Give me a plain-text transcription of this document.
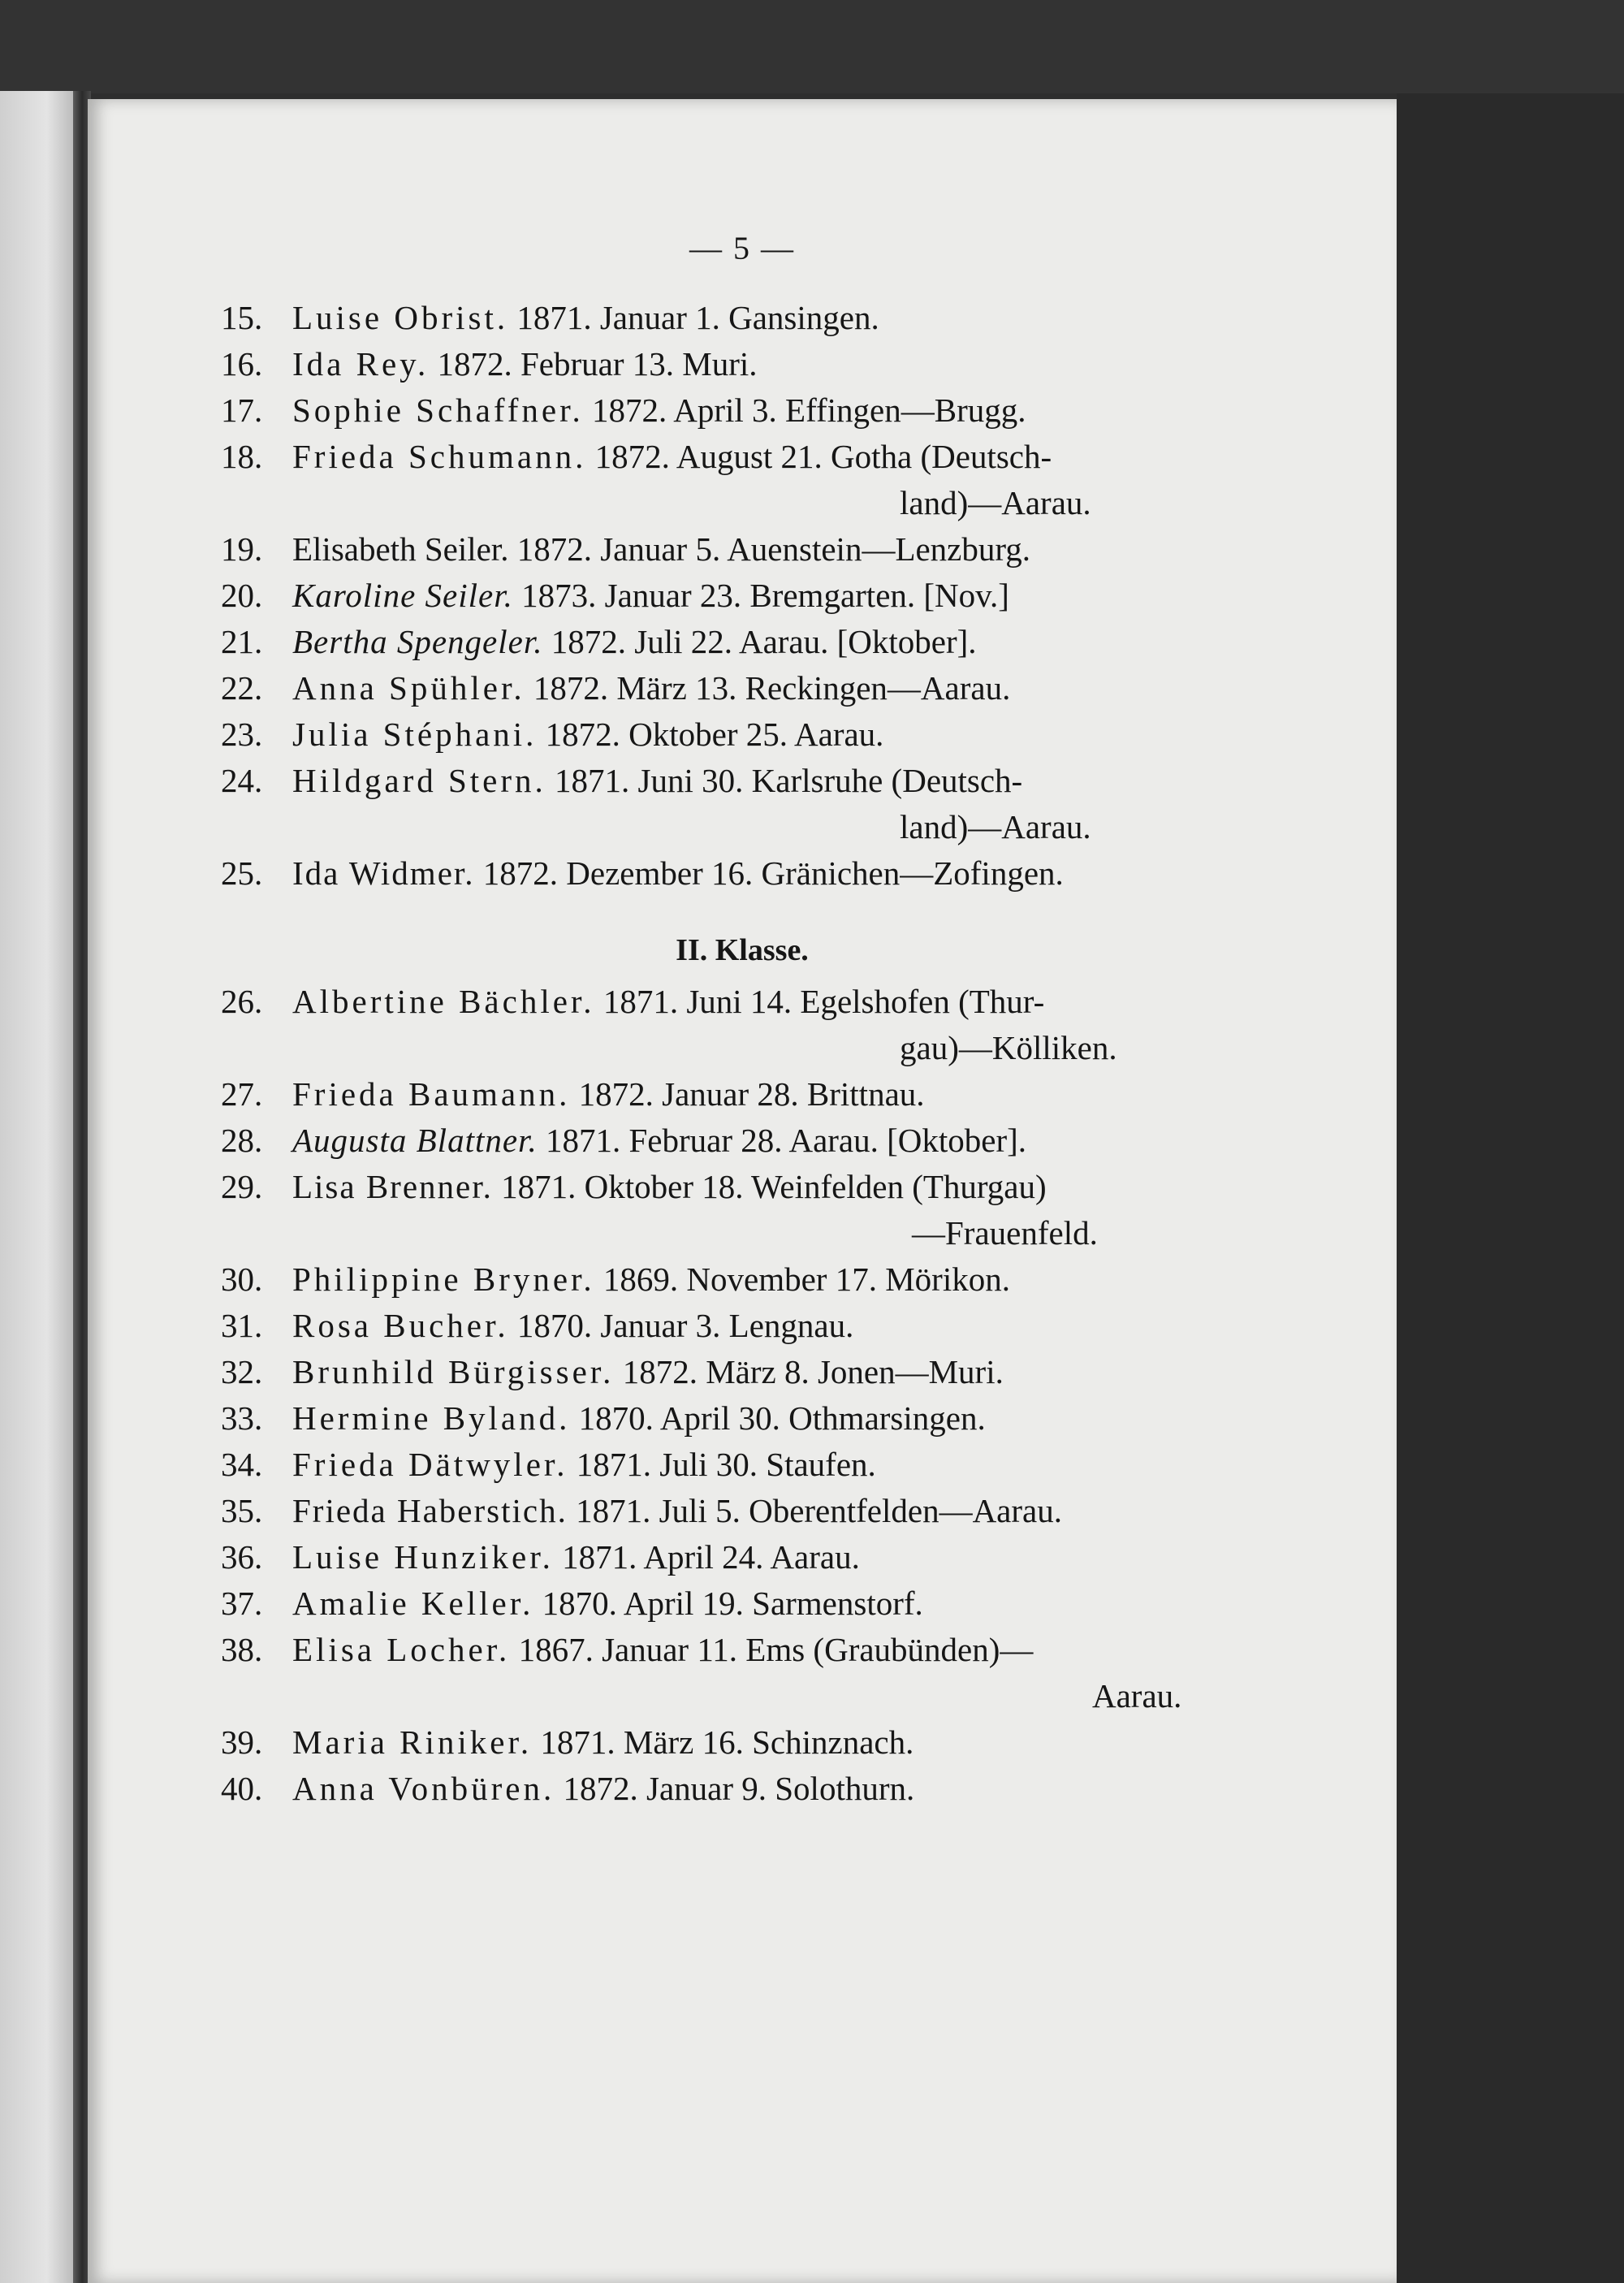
— 5 —
15. Luise Obrist. 1871. Januar 1. Gansingen.
16. Ida Rey. 1872. Februar 13. Muri.
17. Sophie Schaffner. 1872. April 3. Effingen—Brugg.
18. Frieda Schumann. 1872. August 21. Gotha (Deutsch-
land)—Aarau.
19. Elisabeth Seiler. 1872. Januar 5. Auenstein—Lenzburg.
20. Karoline Seiler. 1873. Januar 23. Bremgarten. [Nov.]
21. Bertha Spengeler. 1872. Juli 22. Aarau. [Oktober].
22. Anna Spühler. 1872. März 13. Reckingen—Aarau.
23. Julia Stéphani. 1872. Oktober 25. Aarau.
24. Hildgard Stern. 1871. Juni 30. Karlsruhe (Deutsch-
land)—Aarau.
25. Ida Widmer. 1872. Dezember 16. Gränichen—Zofingen.
II. Klasse.
26. Albertine Bächler. 1871. Juni 14. Egelshofen (Thur-
gau)—Kölliken.
27. Frieda Baumann. 1872. Januar 28. Brittnau.
28. Augusta Blattner. 1871. Februar 28. Aarau. [Oktober].
29. Lisa Brenner. 1871. Oktober 18. Weinfelden (Thurgau)
—Frauenfeld.
30. Philippine Bryner. 1869. November 17. Mörikon.
31. Rosa Bucher. 1870. Januar 3. Lengnau.
32. Brunhild Bürgisser. 1872. März 8. Jonen—Muri.
33. Hermine Byland. 1870. April 30. Othmarsingen.
34. Frieda Dätwyler. 1871. Juli 30. Staufen.
35. Frieda Haberstich. 1871. Juli 5. Oberentfelden—Aarau.
36. Luise Hunziker. 1871. April 24. Aarau.
37. Amalie Keller. 1870. April 19. Sarmenstorf.
38. Elisa Locher. 1867. Januar 11. Ems (Graubünden)—
Aarau.
39. Maria Riniker. 1871. März 16. Schinznach.
40. Anna Vonbüren. 1872. Januar 9. Solothurn.
